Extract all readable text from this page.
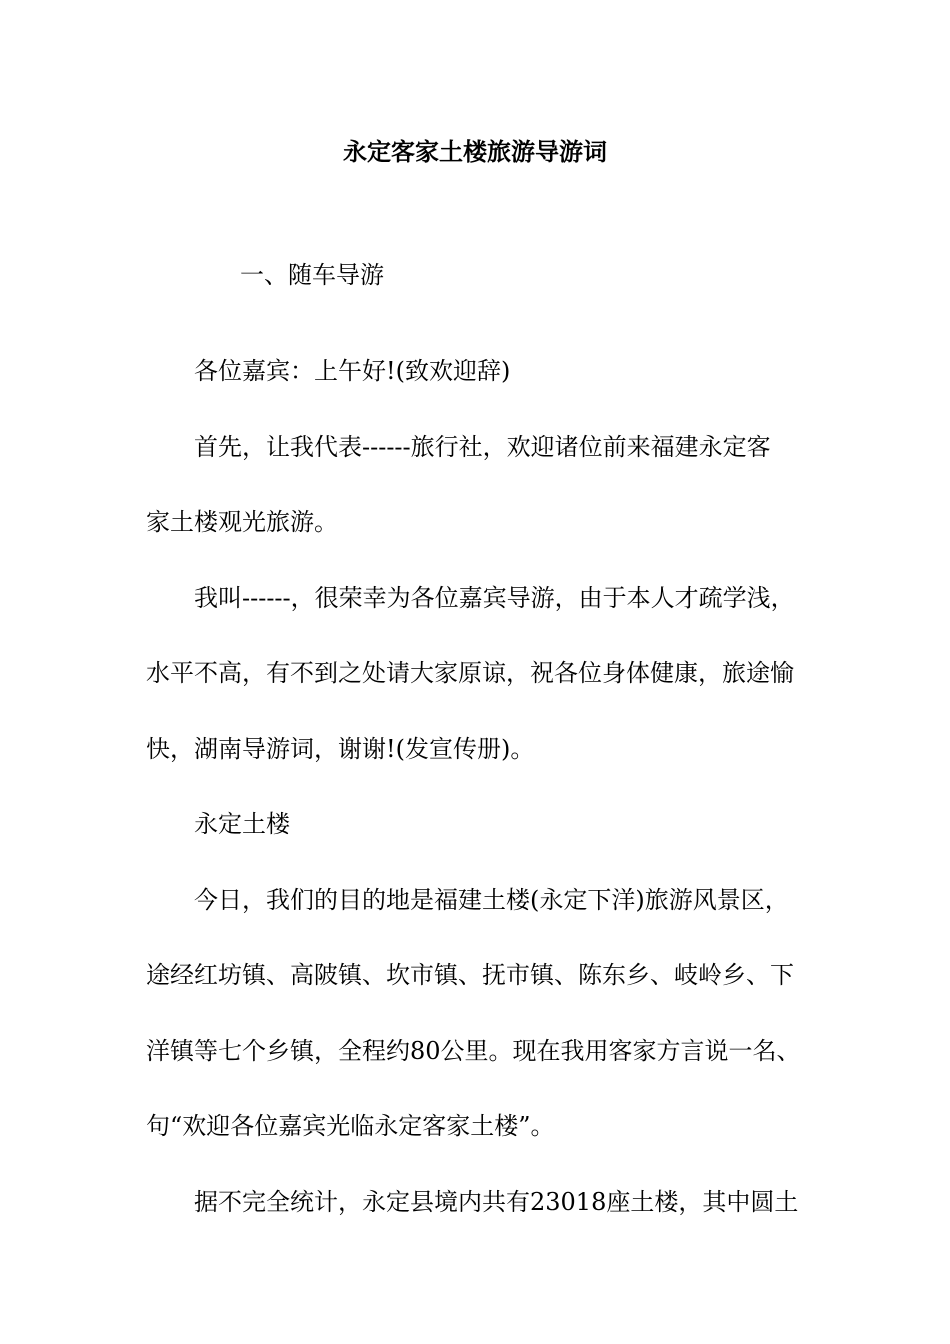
永定客家土楼旅游导游词
一、随车导游
各位嘉宾：上午好!(致欢迎辞)
首先，让我代表------旅行社，欢迎诸位前来福建永定客
家土楼观光旅游。
我叫------，很荣幸为各位嘉宾导游，由于本人才疏学浅，
水平不高，有不到之处请大家原谅，祝各位身体健康，旅途愉
快，湖南导游词，谢谢!(发宣传册)。
永定土楼
今日，我们的目的地是福建土楼(永定下洋)旅游风景区，
途经红坊镇、高陂镇、坎市镇、抚市镇、陈东乡、岐岭乡、下
洋镇等七个乡镇，全程约80公里。现在我用客家方言说一名、
句“欢迎各位嘉宾光临永定客家土楼”。
据不完全统计，永定县境内共有23018座土楼，其中圆土
